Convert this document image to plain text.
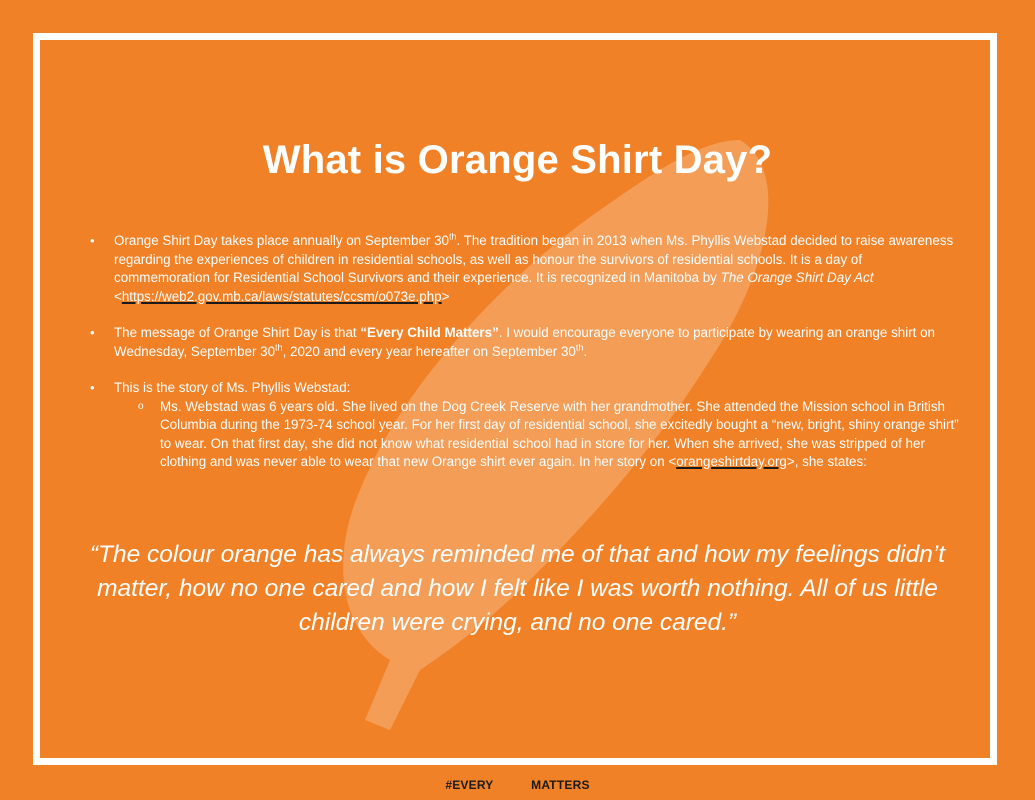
What is Orange Shirt Day?
• Orange Shirt Day takes place annually on September 30th. The tradition began in 2013 when Ms. Phyllis Webstad decided to raise awareness regarding the experiences of children in residential schools, as well as honour the survivors of residential schools. It is a day of commemoration for Residential School Survivors and their experience. It is recognized in Manitoba by The Orange Shirt Day Act <https://web2.gov.mb.ca/laws/statutes/ccsm/o073e.php>
• The message of Orange Shirt Day is that “Every Child Matters”. I would encourage everyone to participate by wearing an orange shirt on Wednesday, September 30th, 2020 and every year hereafter on September 30th.
• This is the story of Ms. Phyllis Webstad:
o Ms. Webstad was 6 years old. She lived on the Dog Creek Reserve with her grandmother. She attended the Mission school in British Columbia during the 1973-74 school year. For her first day of residential school, she excitedly bought a “new, bright, shiny orange shirt” to wear. On that first day, she did not know what residential school had in store for her. When she arrived, she was stripped of her clothing and was never able to wear that new Orange shirt ever again. In her story on <orangeshirtday.org>, she states:
“The colour orange has always reminded me of that and how my feelings didn’t matter, how no one cared and how I felt like I was worth nothing. All of us little children were crying, and no one cared.”
#EVERYCHILDMATTERS
